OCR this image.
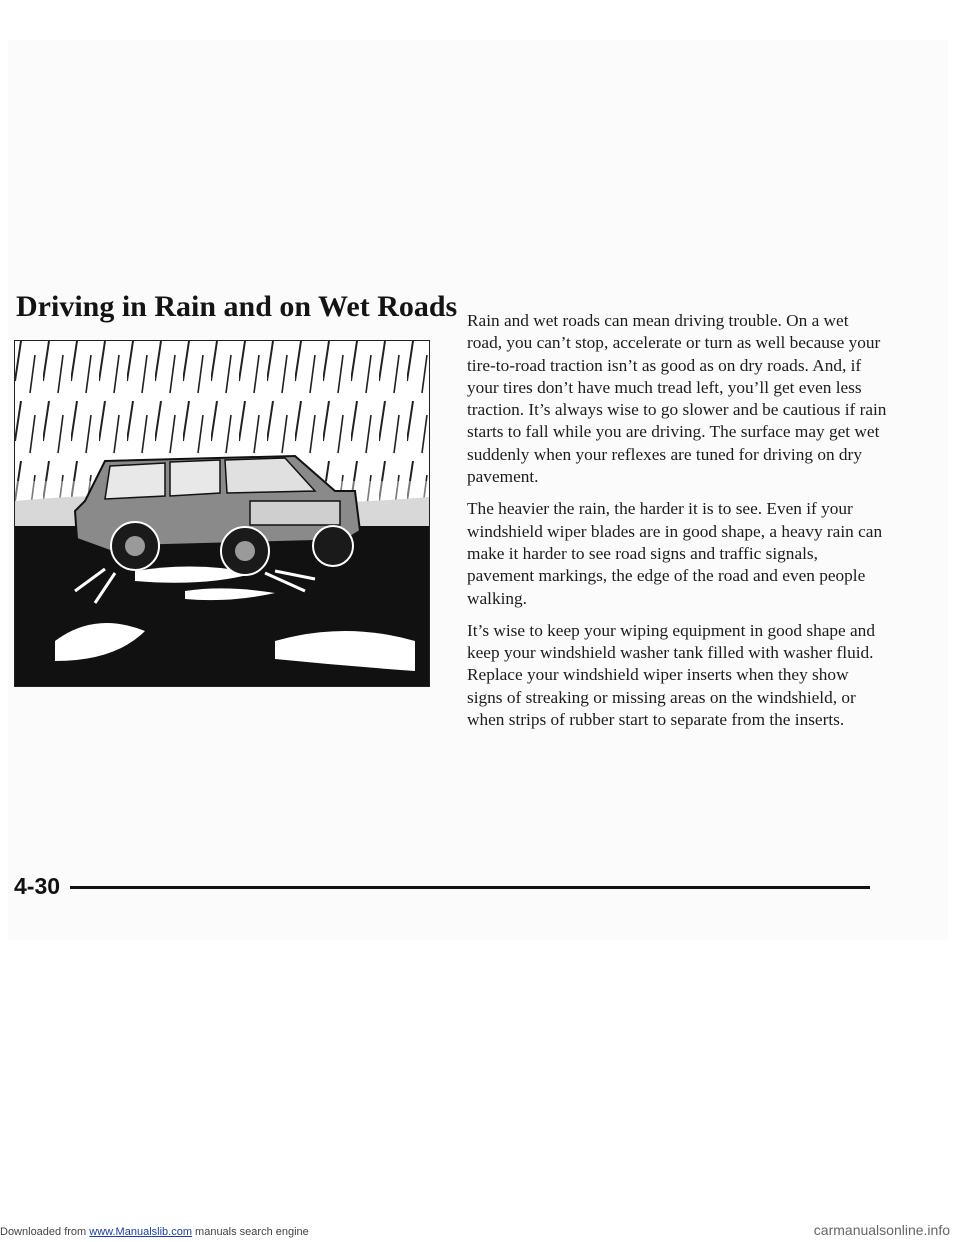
Driving in Rain and on Wet Roads Rain and wet roads can mean driving trouble. On a wet road, you can’t stop, accelerate or turn as well because your tire-to-road traction isn’t as good as on dry roads. And, if your tires don’t have much tread left, you’ll get even less traction. It’s always wise to go slower and be cautious if rain starts to fall while you are driving. The surface may get wet suddenly when your reflexes are tuned for driving on dry pavement.

The heavier the rain, the harder it is to see. Even if your windshield wiper blades are in good shape, a heavy rain can make it harder to see road signs and traffic signals, pavement markings, the edge of the road and even people walking.

It’s wise to keep your wiping equipment in good shape and keep your windshield washer tank filled with washer fluid. Replace your windshield wiper inserts when they show signs of streaking or missing areas on the windshield, or when strips of rubber start to separate from the inserts.

4-30
Downloaded from www.Manualslib.com manuals search engine	carmanualsonline.info
